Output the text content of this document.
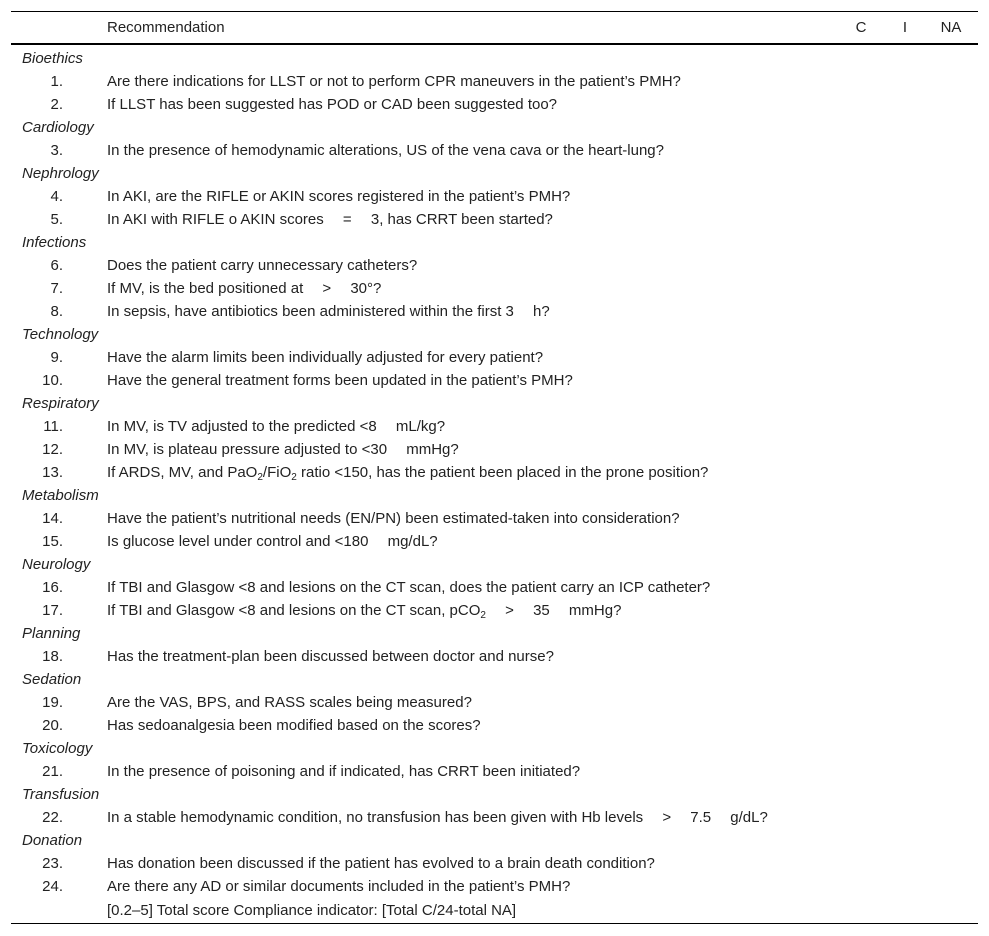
	Recommendation	C	I	NA
Bioethics				
1.	Are there indications for LLST or not to perform CPR maneuvers in the patient’s PMH?			
2.	If LLST has been suggested has POD or CAD been suggested too?			
Cardiology				
3.	In the presence of hemodynamic alterations, US of the vena cava or the heart-lung?			
Nephrology				
4.	In AKI, are the RIFLE or AKIN scores registered in the patient’s PMH?			
5.	In AKI with RIFLE o AKIN scores  =  3, has CRRT been started?			
Infections				
6.	Does the patient carry unnecessary catheters?			
7.	If MV, is the bed positioned at  >  30°?			
8.	In sepsis, have antibiotics been administered within the first 3  h?			
Technology				
9.	Have the alarm limits been individually adjusted for every patient?			
10.	Have the general treatment forms been updated in the patient’s PMH?			
Respiratory				
11.	In MV, is TV adjusted to the predicted <8  mL/kg?			
12.	In MV, is plateau pressure adjusted to <30  mmHg?			
13.	If ARDS, MV, and PaO$_2$/FiO$_2$ ratio <150, has the patient been placed in the prone position?			
Metabolism				
14.	Have the patient’s nutritional needs (EN/PN) been estimated-taken into consideration?			
15.	Is glucose level under control and <180  mg/dL?			
Neurology				
16.	If TBI and Glasgow <8 and lesions on the CT scan, does the patient carry an ICP catheter?			
17.	If TBI and Glasgow <8 and lesions on the CT scan, pCO$_2$  >  35  mmHg?			
Planning				
18.	Has the treatment-plan been discussed between doctor and nurse?			
Sedation				
19.	Are the VAS, BPS, and RASS scales being measured?			
20.	Has sedoanalgesia been modified based on the scores?			
Toxicology				
21.	In the presence of poisoning and if indicated, has CRRT been initiated?			
Transfusion				
22.	In a stable hemodynamic condition, no transfusion has been given with Hb levels  >  7.5  g/dL?			
Donation				
23.	Has donation been discussed if the patient has evolved to a brain death condition?			
24.	Are there any AD or similar documents included in the patient’s PMH?			
	[0.2–5] Total score Compliance indicator: [Total C/24-total NA]			
